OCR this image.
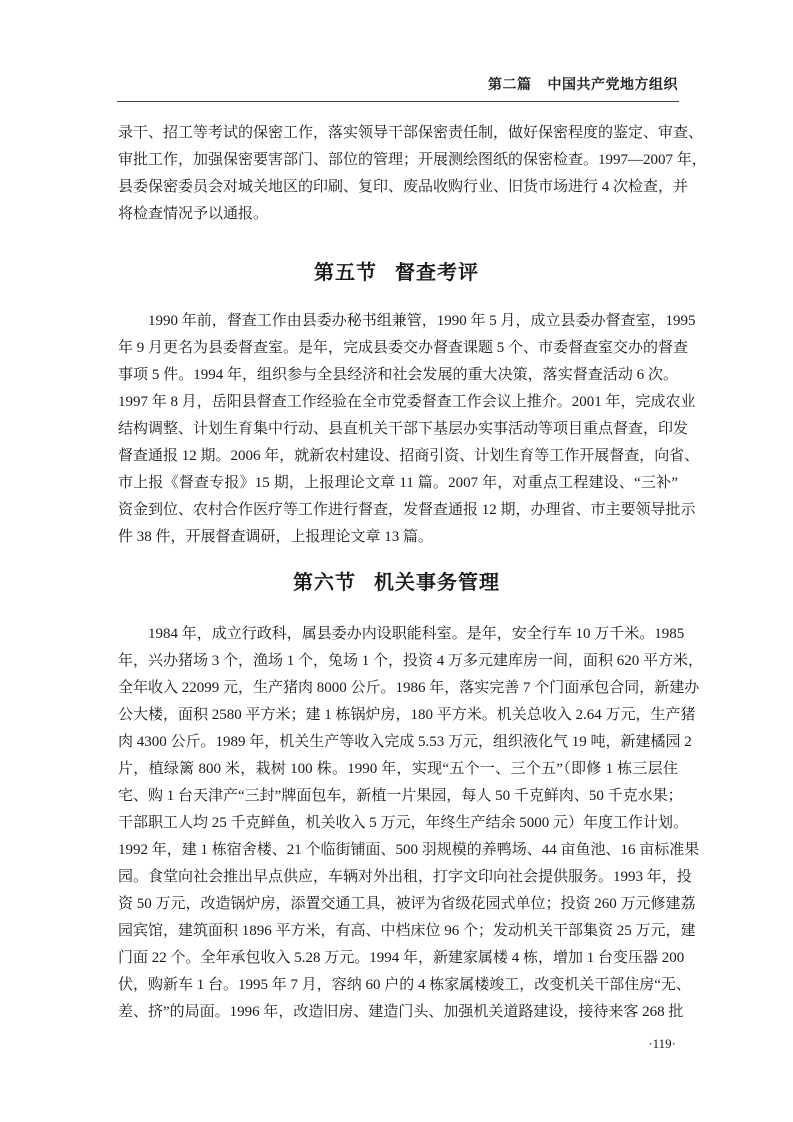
第二篇 中国共产党地方组织
录干、招工等考试的保密工作，落实领导干部保密责任制，做好保密程度的鉴定、审查、
审批工作，加强保密要害部门、部位的管理；开展测绘图纸的保密检查。1997—2007 年，
县委保密委员会对城关地区的印刷、复印、废品收购行业、旧货市场进行 4 次检查，并
将检查情况予以通报。
第五节 督查考评
1990 年前，督查工作由县委办秘书组兼管，1990 年 5 月，成立县委办督查室，1995
年 9 月更名为县委督查室。是年，完成县委交办督查课题 5 个、市委督查室交办的督查
事项 5 件。1994 年，组织参与全县经济和社会发展的重大决策，落实督查活动 6 次。
1997 年 8 月，岳阳县督查工作经验在全市党委督查工作会议上推介。2001 年，完成农业
结构调整、计划生育集中行动、县直机关干部下基层办实事活动等项目重点督查，印发
督查通报 12 期。2006 年，就新农村建设、招商引资、计划生育等工作开展督查，向省、
市上报《督查专报》15 期，上报理论文章 11 篇。2007 年，对重点工程建设、“三补”
资金到位、农村合作医疗等工作进行督查，发督查通报 12 期，办理省、市主要领导批示
件 38 件，开展督查调研，上报理论文章 13 篇。
第六节 机关事务管理
1984 年，成立行政科，属县委办内设职能科室。是年，安全行车 10 万千米。1985
年，兴办猪场 3 个，渔场 1 个，兔场 1 个，投资 4 万多元建库房一间，面积 620 平方米，
全年收入 22099 元，生产猪肉 8000 公斤。1986 年，落实完善 7 个门面承包合同，新建办
公大楼，面积 2580 平方米；建 1 栋锅炉房，180 平方米。机关总收入 2.64 万元，生产猪
肉 4300 公斤。1989 年，机关生产等收入完成 5.53 万元，组织液化气 19 吨，新建橘园 2
片，植绿篱 800 米，栽树 100 株。1990 年，实现“五个一、三个五”（即修 1 栋三层住
宅、购 1 台天津产“三封”牌面包车，新植一片果园，每人 50 千克鲜肉、50 千克水果；
干部职工人均 25 千克鲜鱼，机关收入 5 万元，年终生产结余 5000 元）年度工作计划。
1992 年，建 1 栋宿舍楼、21 个临街铺面、500 羽规模的养鸭场、44 亩鱼池、16 亩标准果
园。食堂向社会推出早点供应，车辆对外出租，打字文印向社会提供服务。1993 年，投
资 50 万元，改造锅炉房，添置交通工具，被评为省级花园式单位；投资 260 万元修建荔
园宾馆，建筑面积 1896 平方米，有高、中档床位 96 个；发动机关干部集资 25 万元，建
门面 22 个。全年承包收入 5.28 万元。1994 年，新建家属楼 4 栋，增加 1 台变压器 200
伏，购新车 1 台。1995 年 7 月，容纳 60 户的 4 栋家属楼竣工，改变机关干部住房“无、
差、挤”的局面。1996 年，改造旧房、建造门头、加强机关道路建设，接待来客 268 批
·119·
